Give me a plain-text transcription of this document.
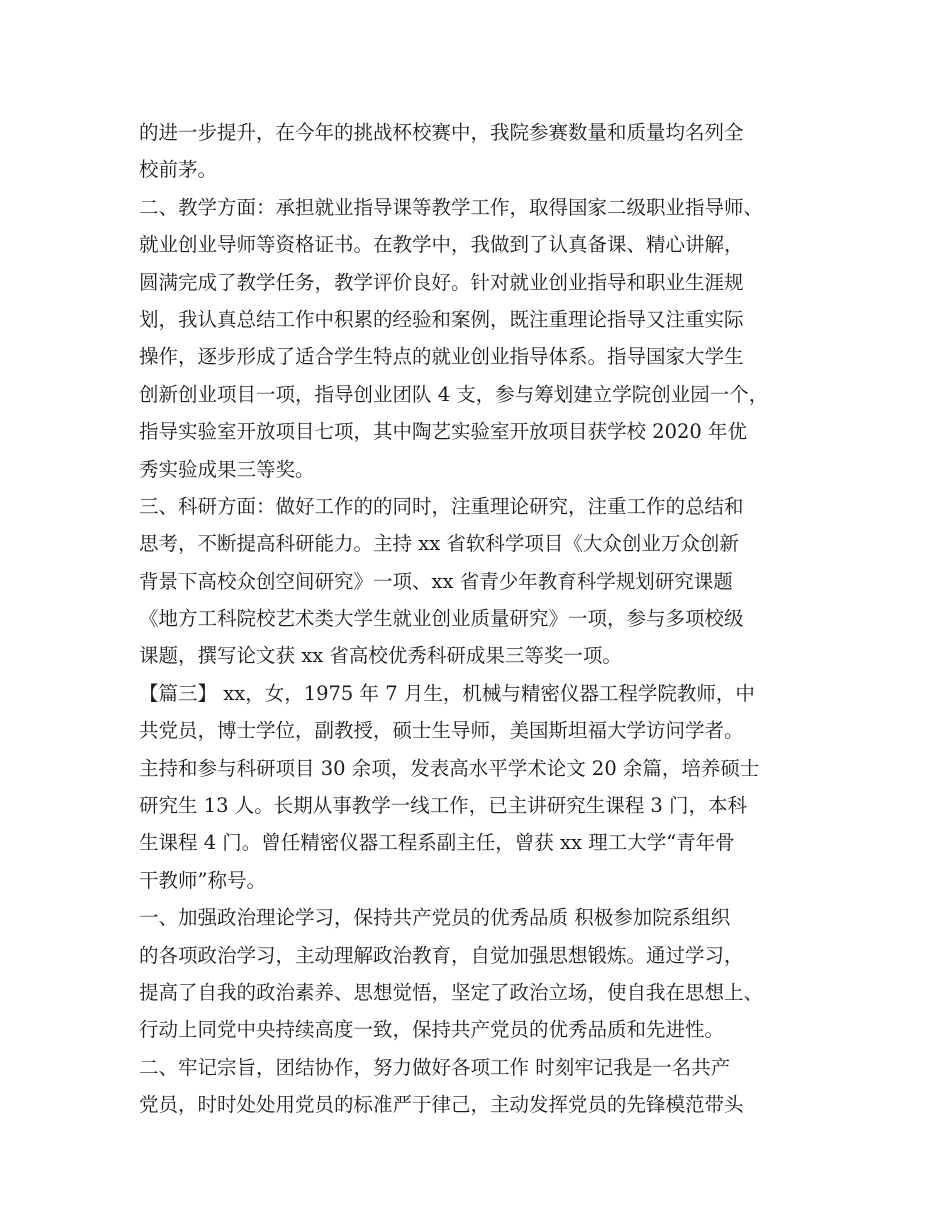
的进一步提升，在今年的挑战杯校赛中，我院参赛数量和质量均名列全
校前茅。
二、教学方面：承担就业指导课等教学工作，取得国家二级职业指导师、
就业创业导师等资格证书。在教学中，我做到了认真备课、精心讲解，
圆满完成了教学任务，教学评价良好。针对就业创业指导和职业生涯规
划，我认真总结工作中积累的经验和案例，既注重理论指导又注重实际
操作，逐步形成了适合学生特点的就业创业指导体系。指导国家大学生
创新创业项目一项，指导创业团队 4 支，参与筹划建立学院创业园一个，
指导实验室开放项目七项，其中陶艺实验室开放项目获学校 2020 年优
秀实验成果三等奖。
三、科研方面：做好工作的的同时，注重理论研究，注重工作的总结和
思考，不断提高科研能力。主持 xx 省软科学项目《大众创业万众创新
背景下高校众创空间研究》一项、xx 省青少年教育科学规划研究课题
《地方工科院校艺术类大学生就业创业质量研究》一项，参与多项校级
课题，撰写论文获 xx 省高校优秀科研成果三等奖一项。
【篇三】 xx，女，1975 年 7 月生，机械与精密仪器工程学院教师，中
共党员，博士学位，副教授，硕士生导师，美国斯坦福大学访问学者。
主持和参与科研项目 30 余项，发表高水平学术论文 20 余篇，培养硕士
研究生 13 人。长期从事教学一线工作，已主讲研究生课程 3 门，本科
生课程 4 门。曾任精密仪器工程系副主任，曾获 xx 理工大学“青年骨
干教师”称号。
一、加强政治理论学习，保持共产党员的优秀品质 积极参加院系组织
的各项政治学习，主动理解政治教育，自觉加强思想锻炼。通过学习，
提高了自我的政治素养、思想觉悟，坚定了政治立场，使自我在思想上、
行动上同党中央持续高度一致，保持共产党员的优秀品质和先进性。
二、牢记宗旨，团结协作，努力做好各项工作 时刻牢记我是一名共产
党员，时时处处用党员的标准严于律己，主动发挥党员的先锋模范带头
